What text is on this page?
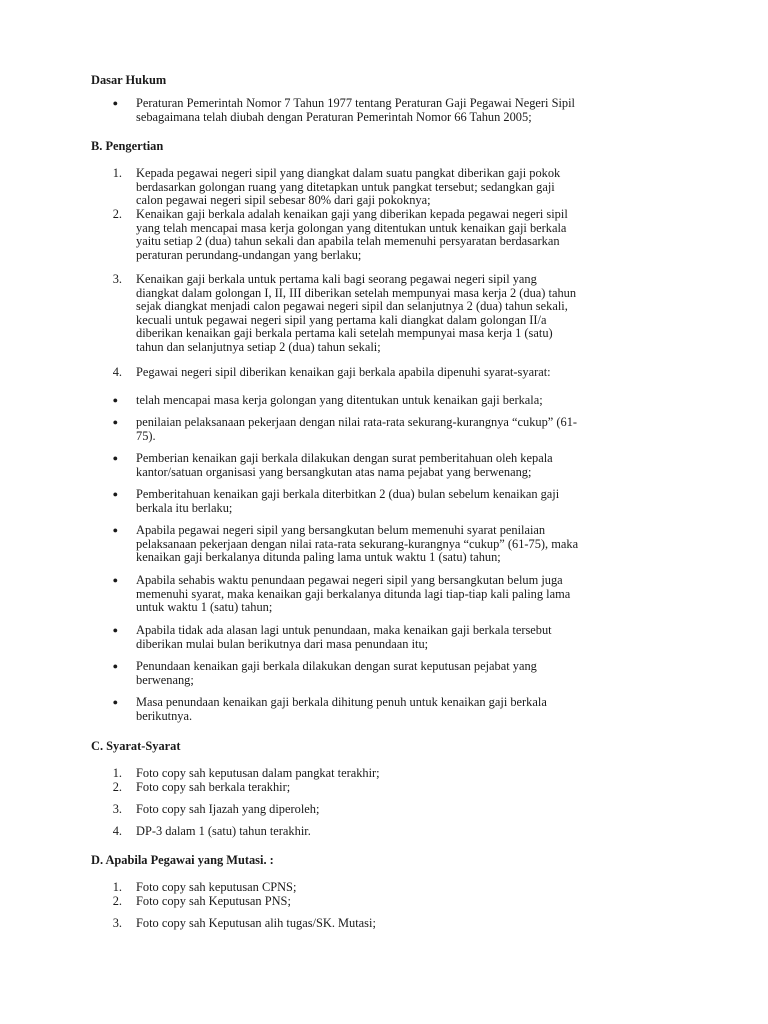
Dasar Hukum
● Peraturan Pemerintah Nomor 7 Tahun 1977 tentang Peraturan Gaji Pegawai Negeri Sipil
sebagaimana telah diubah dengan Peraturan Pemerintah Nomor 66 Tahun 2005;
B. Pengertian
1. Kepada pegawai negeri sipil yang diangkat dalam suatu pangkat diberikan gaji pokok
berdasarkan golongan ruang yang ditetapkan untuk pangkat tersebut; sedangkan gaji
calon pegawai negeri sipil sebesar 80% dari gaji pokoknya;
2. Kenaikan gaji berkala adalah kenaikan gaji yang diberikan kepada pegawai negeri sipil
yang telah mencapai masa kerja golongan yang ditentukan untuk kenaikan gaji berkala
yaitu setiap 2 (dua) tahun sekali dan apabila telah memenuhi persyaratan berdasarkan
peraturan perundang-undangan yang berlaku;
3. Kenaikan gaji berkala untuk pertama kali bagi seorang pegawai negeri sipil yang
diangkat dalam golongan I, II, III diberikan setelah mempunyai masa kerja 2 (dua) tahun
sejak diangkat menjadi calon pegawai negeri sipil dan selanjutnya 2 (dua) tahun sekali,
kecuali untuk pegawai negeri sipil yang pertama kali diangkat dalam golongan II/a
diberikan kenaikan gaji berkala pertama kali setelah mempunyai masa kerja 1 (satu)
tahun dan selanjutnya setiap 2 (dua) tahun sekali;
4. Pegawai negeri sipil diberikan kenaikan gaji berkala apabila dipenuhi syarat-syarat:
● telah mencapai masa kerja golongan yang ditentukan untuk kenaikan gaji berkala;
● penilaian pelaksanaan pekerjaan dengan nilai rata-rata sekurang-kurangnya “cukup” (61-
75).
● Pemberian kenaikan gaji berkala dilakukan dengan surat pemberitahuan oleh kepala
kantor/satuan organisasi yang bersangkutan atas nama pejabat yang berwenang;
● Pemberitahuan kenaikan gaji berkala diterbitkan 2 (dua) bulan sebelum kenaikan gaji
berkala itu berlaku;
● Apabila pegawai negeri sipil yang bersangkutan belum memenuhi syarat penilaian
pelaksanaan pekerjaan dengan nilai rata-rata sekurang-kurangnya “cukup” (61-75), maka
kenaikan gaji berkalanya ditunda paling lama untuk waktu 1 (satu) tahun;
● Apabila sehabis waktu penundaan pegawai negeri sipil yang bersangkutan belum juga
memenuhi syarat, maka kenaikan gaji berkalanya ditunda lagi tiap-tiap kali paling lama
untuk waktu 1 (satu) tahun;
● Apabila tidak ada alasan lagi untuk penundaan, maka kenaikan gaji berkala tersebut
diberikan mulai bulan berikutnya dari masa penundaan itu;
● Penundaan kenaikan gaji berkala dilakukan dengan surat keputusan pejabat yang
berwenang;
● Masa penundaan kenaikan gaji berkala dihitung penuh untuk kenaikan gaji berkala
berikutnya.
C. Syarat-Syarat
1. Foto copy sah keputusan dalam pangkat terakhir;
2. Foto copy sah berkala terakhir;
3. Foto copy sah Ijazah yang diperoleh;
4. DP-3 dalam 1 (satu) tahun terakhir.
D. Apabila Pegawai yang Mutasi. :
1. Foto copy sah keputusan CPNS;
2. Foto copy sah Keputusan PNS;
3. Foto copy sah Keputusan alih tugas/SK. Mutasi;
